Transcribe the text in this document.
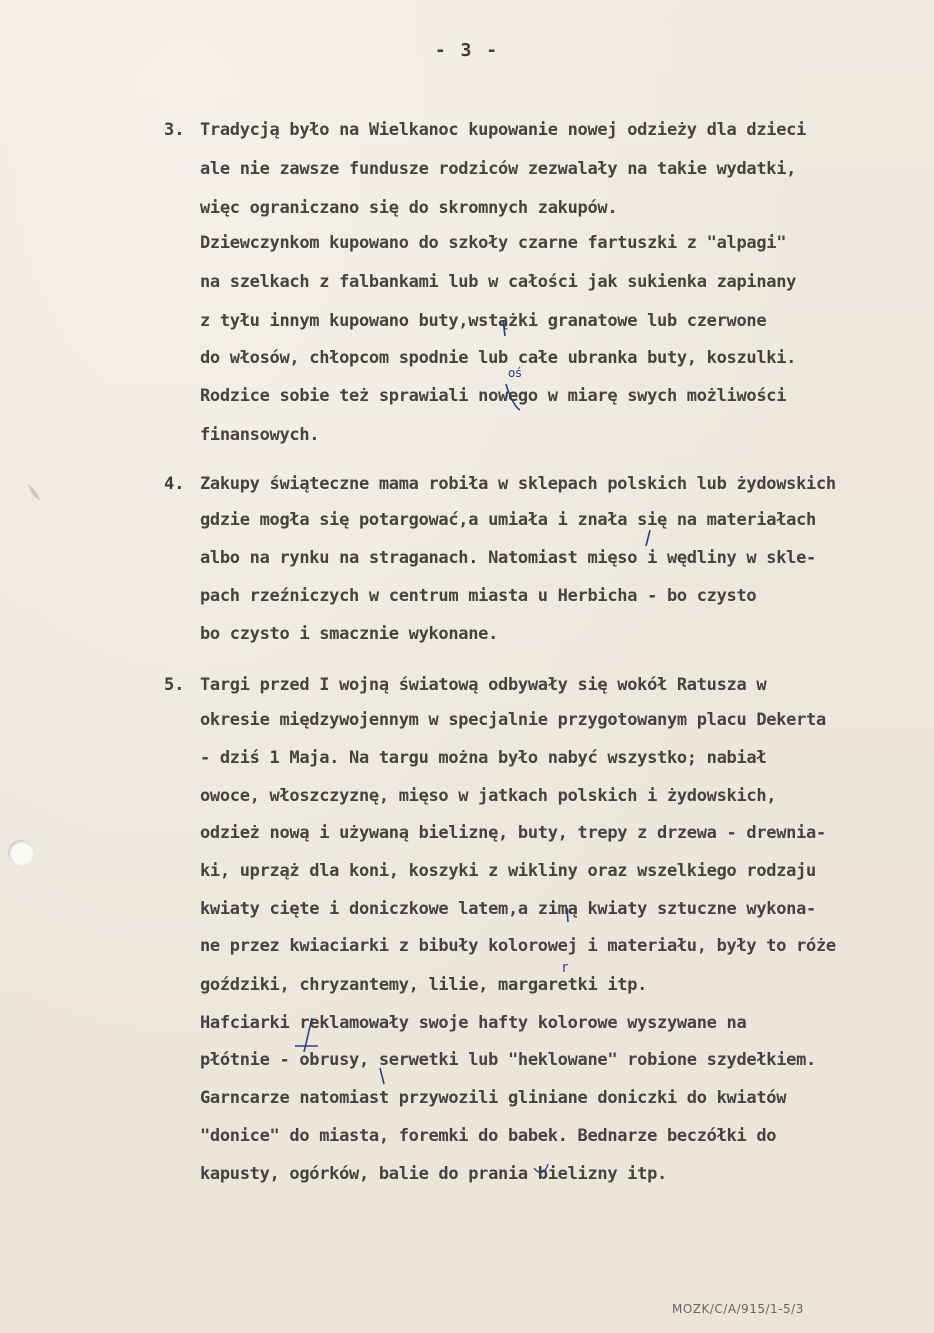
- 3 -
3. Tradycją było na Wielkanoc kupowanie nowej odzieży dla dzieci
ale nie zawsze fundusze rodziców zezwalały na takie wydatki,
więc ograniczano się do skromnych zakupów.
Dziewczynkom kupowano do szkoły czarne fartuszki z "alpagi"
na szelkach z falbankami lub w całości jak sukienka zapinany
z tyłu innym kupowano buty,wstążki granatowe lub czerwone
do włosów, chłopcom spodnie lub całe ubranka buty, koszulki.
Rodzice sobie też sprawiali nowego w miarę swych możliwości
finansowych.
4. Zakupy świąteczne mama robiła w sklepach polskich lub żydowskich
gdzie mogła się potargować,a umiała i znała się na materiałach
albo na rynku na straganach. Natomiast mięso i wędliny w skle-
pach rzeźniczych w centrum miasta u Herbicha - bo czysto
bo czysto i smacznie wykonane.
5. Targi przed I wojną światową odbywały się wokół Ratusza w
okresie międzywojennym w specjalnie przygotowanym placu Dekerta
- dziś 1 Maja. Na targu można było nabyć wszystko; nabiał
owoce, włoszczyznę, mięso w jatkach polskich i żydowskich,
odzież nową i używaną bieliznę, buty, trepy z drzewa - drewnia-
ki, uprząż dla koni, koszyki z wikliny oraz wszelkiego rodzaju
kwiaty cięte i doniczkowe latem,a zimą kwiaty sztuczne wykona-
ne przez kwiaciarki z bibuły kolorowej i materiału, były to róże
goździki, chryzantemy, lilie, margaretki itp.
Hafciarki reklamowały swoje hafty kolorowe wyszywane na
płótnie - obrusy, serwetki lub "heklowane" robione szydełkiem.
Garncarze natomiast przywozili gliniane doniczki do kwiatów
"donice" do miasta, foremki do babek. Bednarze beczółki do
kapusty, ogórków, balie do prania bielizny itp.
oś
r
MOZK/C/A/915/1-5/3
